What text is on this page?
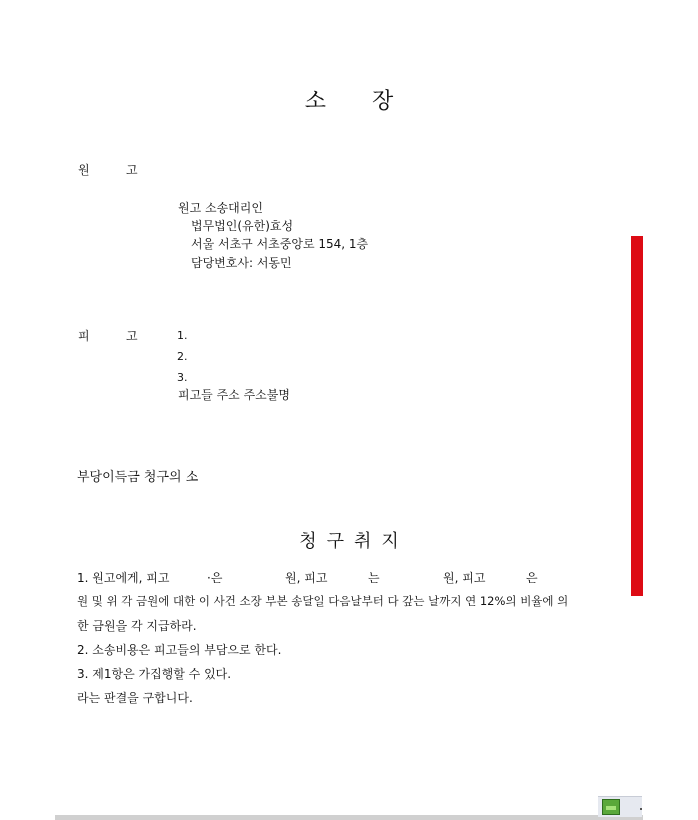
소 장
원	고
원고 소송대리인
법무법인(유한)효성
서울 서초구 서초중앙로 154, 1층
담당변호사: 서동민
피	고	1.
2.
3.
피고들 주소 주소불명
부당이득금 청구의 소
청 구 취 지
1. 원고에게, 피고	·은	원, 피고	는	원, 피고	은
원 및 위 각 금원에 대한 이 사건 소장 부본 송달일 다음날부터 다 갚는 날까지 연 12%의 비율에 의
한 금원을 각 지급하라.
2. 소송비용은 피고들의 부담으로 한다.
3. 제1항은 가집행할 수 있다.
라는 판결을 구합니다.
